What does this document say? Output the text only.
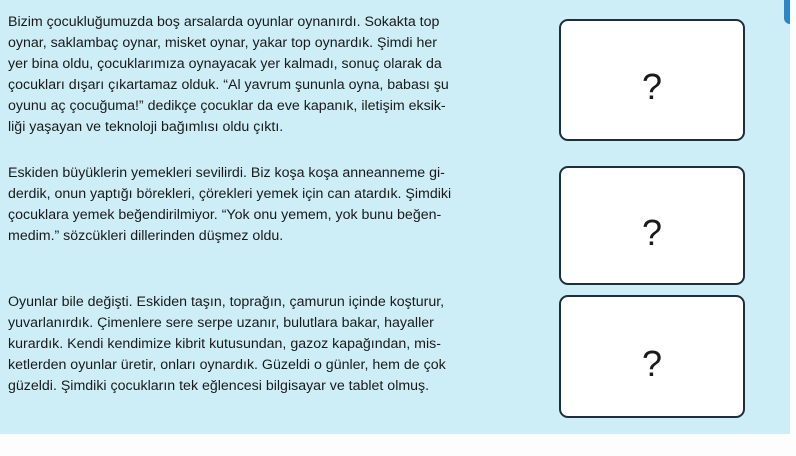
Bizim çocukluğumuzda boş arsalarda oyunlar oynanırdı. Sokakta top
oynar, saklambaç oynar, misket oynar, yakar top oynardık. Şimdi her
yer bina oldu, çocuklarımıza oynayacak yer kalmadı, sonuç olarak da
çocukları dışarı çıkartamaz olduk. “Al yavrum şununla oyna, babası şu
oyunu aç çocuğuma!” dedikçe çocuklar da eve kapanık, iletişim eksik-
liği yaşayan ve teknoloji bağımlısı oldu çıktı.

Eskiden büyüklerin yemekleri sevilirdi. Biz koşa koşa anneanneme gi-
derdik, onun yaptığı börekleri, çörekleri yemek için can atardık. Şimdiki
çocuklara yemek beğendirilmiyor. “Yok onu yemem, yok bunu beğen-
medim.” sözcükleri dillerinden düşmez oldu.

Oyunlar bile değişti. Eskiden taşın, toprağın, çamurun içinde koşturur,
yuvarlanırdık. Çimenlere sere serpe uzanır, bulutlara bakar, hayaller
kurardık. Kendi kendimize kibrit kutusundan, gazoz kapağından, mis-
ketlerden oyunlar üretir, onları oynardık. Güzeldi o günler, hem de çok
güzeldi. Şimdiki çocukların tek eğlencesi bilgisayar ve tablet olmuş.

?
?
?
